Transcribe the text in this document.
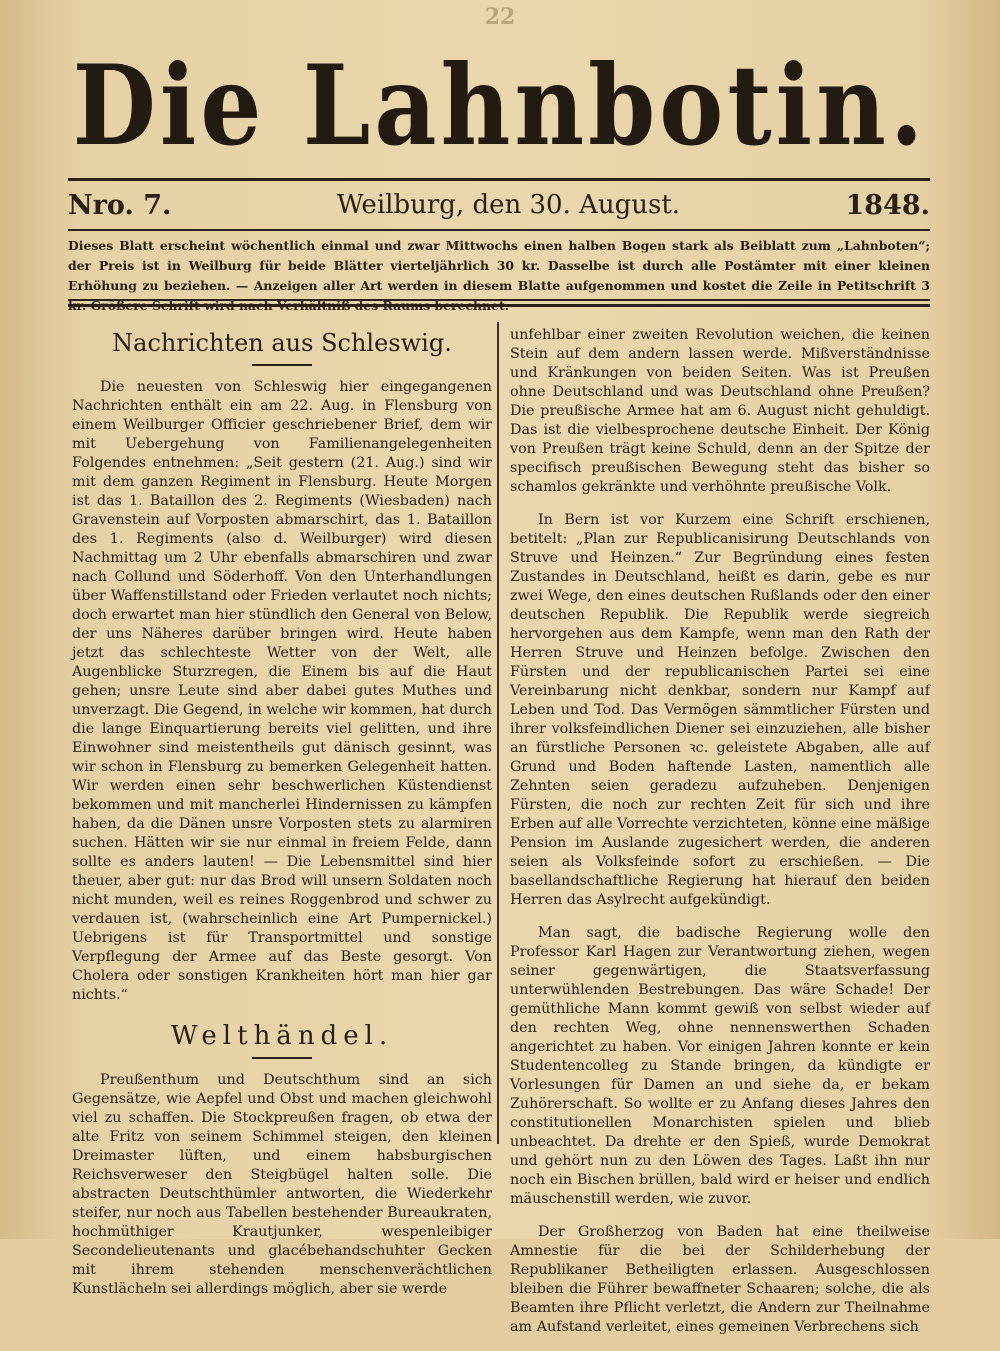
22
Die Lahnbotin.
Nro. 7.	Weilburg, den 30. August.	1848.
Dieses Blatt erscheint wöchentlich einmal und zwar Mittwochs einen halben Bogen stark als Beiblatt zum „Lahnboten“; der Preis ist in Weilburg für beide Blätter vierteljährlich 30 kr. Dasselbe ist durch alle Postämter mit einer kleinen Erhöhung zu beziehen. — Anzeigen aller Art werden in diesem Blatte aufgenommen und kostet die Zeile in Petitschrift 3
Nachrichten aus Schleswig.

Die neuesten von Schleswig hier eingegangenen Nachrichten enthält ein am 22. Aug. in Flensburg von einem Weilburger Officier geschriebener Brief, dem wir mit Uebergehung von Familienangelegenheiten Folgendes entnehmen: „Seit gestern (21. Aug.) sind wir mit dem ganzen Regiment in Flensburg. Heute Morgen ist das 1. Bataillon des 2. Regiments (Wiesbaden) nach Gravenstein auf Vorposten abmarschirt, das 1. Bataillon des 1. Regiments (also d. Weilburger) wird diesen Nachmittag um 2 Uhr ebenfalls abmarschiren und zwar nach Collund und Söderhoff. Von den Unterhandlungen über Waffenstillstand oder Frieden verlautet noch nichts; doch erwartet man hier stündlich den General von Below, der uns Näheres darüber bringen wird. Heute haben jetzt das schlechteste Wetter von der Welt, alle Augenblicke Sturzregen, die Einem bis auf die Haut gehen; unsre Leute sind aber dabei gutes Muthes und unverzagt. Die Gegend, in welche wir kommen, hat durch die lange Einquartierung bereits viel gelitten, und ihre Einwohner sind meistentheils gut dänisch gesinnt, was wir schon in Flensburg zu bemerken Gelegenheit hatten. Wir werden einen sehr beschwerlichen Küstendienst bekommen und mit mancherlei Hindernissen zu kämpfen haben, da die Dänen unsre Vorposten stets zu alarmiren suchen. Hätten wir sie nur einmal in freiem Felde, dann sollte es anders lauten! — Die Lebensmittel sind hier theuer, aber gut: nur das Brod will unsern Soldaten noch nicht munden, weil es reines Roggenbrod und schwer zu verdauen ist, (wahrscheinlich eine Art Pumpernickel.) Uebrigens ist für Transportmittel und sonstige Verpflegung der Armee auf das Beste gesorgt. Von Cholera oder sonstigen Krankheiten hört man hier gar nichts.“

Welthändel.

Preußenthum und Deutschthum sind an sich Gegensätze, wie Aepfel und Obst und machen gleichwohl viel zu schaffen. Die Stockpreußen fragen, ob etwa der alte Fritz von seinem Schimmel steigen, den kleinen Dreimaster lüften, und einem habsburgischen Reichsverweser den Steigbügel halten solle. Die abstracten Deutschthümler antworten, die Wiederkehr steifer, nur noch aus Tabellen bestehender Bureaukraten, hochmüthiger Krautjunker, wespenleibiger Secondelieutenants und glacébehandschuhter Gecken mit ihrem stehenden menschenverächtlichen Kunstlächeln sei allerdings möglich, aber sie werde

unfehlbar einer zweiten Revolution weichen, die keinen Stein auf dem andern lassen werde. Mißverständnisse und Kränkungen von beiden Seiten. Was ist Preußen ohne Deutschland und was Deutschland ohne Preußen? Die preußische Armee hat am 6. August nicht gehuldigt. Das ist die vielbesprochene deutsche Einheit. Der König von Preußen trägt keine Schuld, denn an der Spitze der specifisch preußischen Bewegung steht das bisher so schamlos gekränkte und verhöhnte preußische Volk.

In Bern ist vor Kurzem eine Schrift erschienen, betitelt: „Plan zur Republicanisirung Deutschlands von Struve und Heinzen.“ Zur Begründung eines festen Zustandes in Deutschland, heißt es darin, gebe es nur zwei Wege, den eines deutschen Rußlands oder den einer deutschen Republik. Die Republik werde siegreich hervorgehen aus dem Kampfe, wenn man den Rath der Herren Struve und Heinzen befolge. Zwischen den Fürsten und der republicanischen Partei sei eine Vereinbarung nicht denkbar, sondern nur Kampf auf Leben und Tod. Das Vermögen sämmtlicher Fürsten und ihrer volksfeindlichen Diener sei einzuziehen, alle bisher an fürstliche Personen ꝛc. geleistete Abgaben, alle auf Grund und Boden haftende Lasten, namentlich alle Zehnten seien geradezu aufzuheben. Denjenigen Fürsten, die noch zur rechten Zeit für sich und ihre Erben auf alle Vorrechte verzichteten, könne eine mäßige Pension im Auslande zugesichert werden, die anderen seien als Volksfeinde sofort zu erschießen. — Die basellandschaftliche Regierung hat hierauf den beiden Herren das Asylrecht aufgekündigt.

Man sagt, die badische Regierung wolle den Professor Karl Hagen zur Verantwortung ziehen, wegen seiner gegenwärtigen, die Staatsverfassung unterwühlenden Bestrebungen. Das wäre Schade! Der gemüthliche Mann kommt gewiß von selbst wieder auf den rechten Weg, ohne nennenswerthen Schaden angerichtet zu haben. Vor einigen Jahren konnte er kein Studentencolleg zu Stande bringen, da kündigte er Vorlesungen für Damen an und siehe da, er bekam Zuhörerschaft. So wollte er zu Anfang dieses Jahres den constitutionellen Monarchisten spielen und blieb unbeachtet. Da drehte er den Spieß, wurde Demokrat und gehört nun zu den Löwen des Tages. Laßt ihn nur noch ein Bischen brüllen, bald wird er heiser und endlich mäuschenstill werden, wie zuvor.

Der Großherzog von Baden hat eine theilweise Amnestie für die bei der Schilderhebung der Republikaner Betheiligten erlassen. Ausgeschlossen bleiben die Führer bewaffneter Schaaren; solche, die als Beamten ihre Pflicht verletzt, die Andern zur Theilnahme am Aufstand verleitet, eines gemeinen Verbrechens sich
